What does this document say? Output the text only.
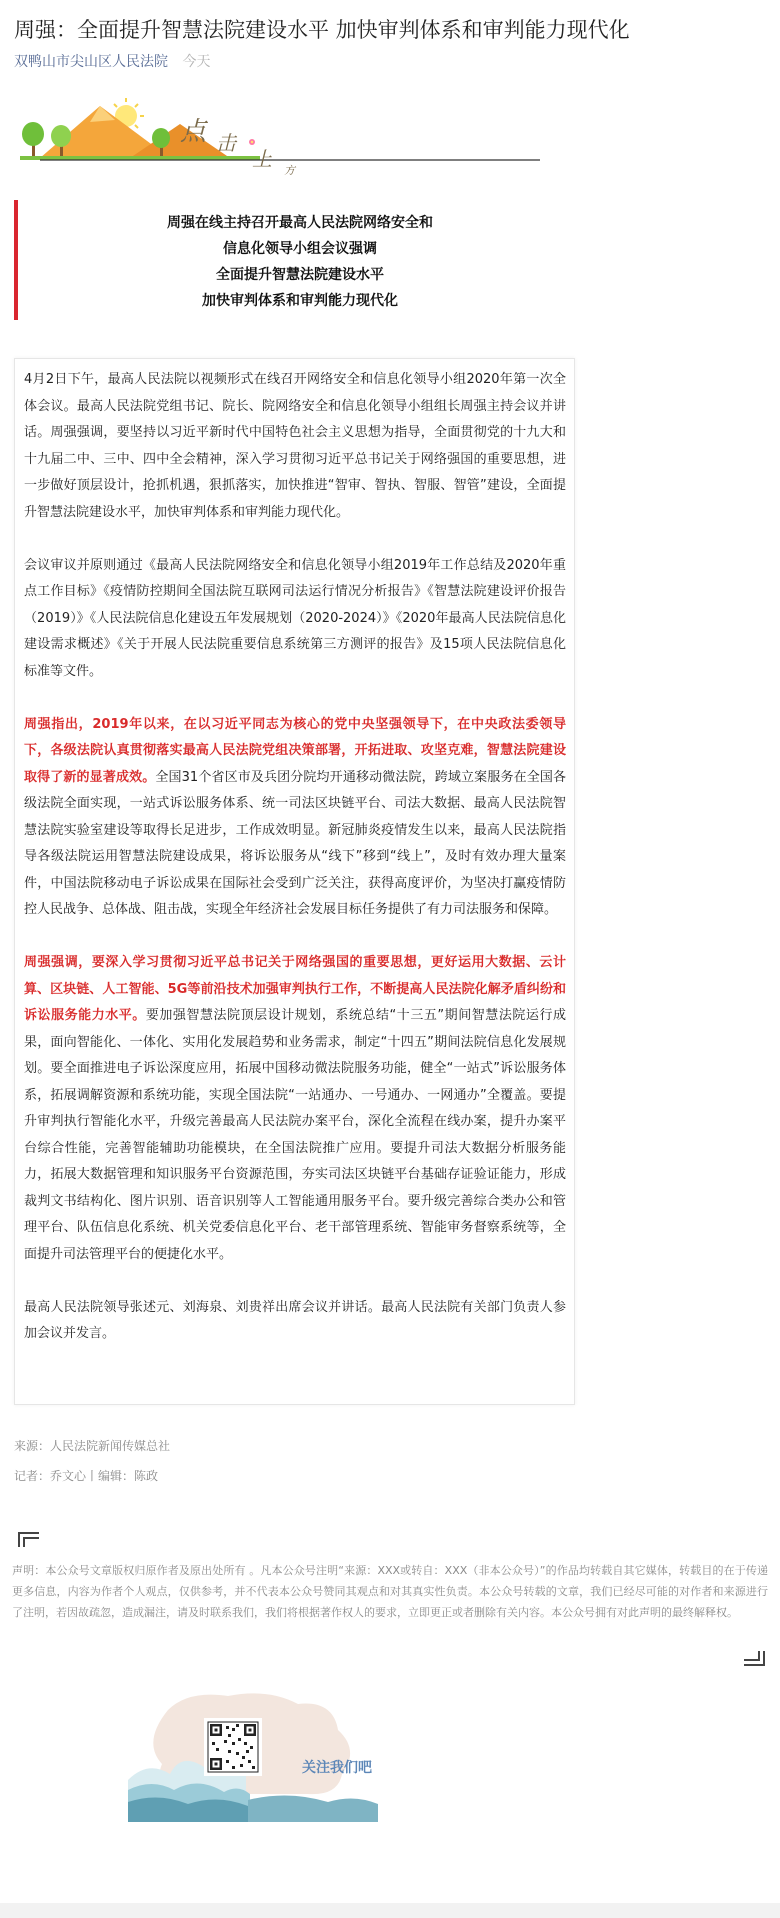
周强：全面提升智慧法院建设水平 加快审判体系和审判能力现代化
双鸭山市尖山区人民法院 今天
点 击
上 方
周强在线主持召开最高人民法院网络安全和
信息化领导小组会议强调
全面提升智慧法院建设水平
加快审判体系和审判能力现代化

4月2日下午，最高人民法院以视频形式在线召开网络安全和信息化领导小组2020年第一次全体会议。最高人民法院党组书记、院长、院网络安全和信息化领导小组组长周强主持会议并讲话。周强强调，要坚持以习近平新时代中国特色社会主义思想为指导，全面贯彻党的十九大和十九届二中、三中、四中全会精神，深入学习贯彻习近平总书记关于网络强国的重要思想，进一步做好顶层设计，抢抓机遇，狠抓落实，加快推进“智审、智执、智服、智管”建设，全面提升智慧法院建设水平，加快审判体系和审判能力现代化。

会议审议并原则通过《最高人民法院网络安全和信息化领导小组2019年工作总结及2020年重点工作目标》《疫情防控期间全国法院互联网司法运行情况分析报告》《智慧法院建设评价报告（2019）》《人民法院信息化建设五年发展规划（2020-2024）》《2020年最高人民法院信息化建设需求概述》《关于开展人民法院重要信息系统第三方测评的报告》及15项人民法院信息化标准等文件。

周强指出，2019年以来，在以习近平同志为核心的党中央坚强领导下，在中央政法委领导下，各级法院认真贯彻落实最高人民法院党组决策部署，开拓进取、攻坚克难，智慧法院建设取得了新的显著成效。全国31个省区市及兵团分院均开通移动微法院，跨域立案服务在全国各级法院全面实现，一站式诉讼服务体系、统一司法区块链平台、司法大数据、最高人民法院智慧法院实验室建设等取得长足进步，工作成效明显。新冠肺炎疫情发生以来，最高人民法院指导各级法院运用智慧法院建设成果，将诉讼服务从“线下”移到“线上”，及时有效办理大量案件，中国法院移动电子诉讼成果在国际社会受到广泛关注，获得高度评价，为坚决打赢疫情防控人民战争、总体战、阻击战，实现全年经济社会发展目标任务提供了有力司法服务和保障。

周强强调，要深入学习贯彻习近平总书记关于网络强国的重要思想，更好运用大数据、云计算、区块链、人工智能、5G等前沿技术加强审判执行工作，不断提高人民法院化解矛盾纠纷和诉讼服务能力水平。要加强智慧法院顶层设计规划，系统总结“十三五”期间智慧法院运行成果，面向智能化、一体化、实用化发展趋势和业务需求，制定“十四五”期间法院信息化发展规划。要全面推进电子诉讼深度应用，拓展中国移动微法院服务功能，健全“一站式”诉讼服务体系，拓展调解资源和系统功能，实现全国法院“一站通办、一号通办、一网通办”全覆盖。要提升审判执行智能化水平，升级完善最高人民法院办案平台，深化全流程在线办案，提升办案平台综合性能，完善智能辅助功能模块，在全国法院推广应用。要提升司法大数据分析服务能力，拓展大数据管理和知识服务平台资源范围，夯实司法区块链平台基础存证验证能力，形成裁判文书结构化、图片识别、语音识别等人工智能通用服务平台。要升级完善综合类办公和管理平台、队伍信息化系统、机关党委信息化平台、老干部管理系统、智能审务督察系统等，全面提升司法管理平台的便捷化水平。

最高人民法院领导张述元、刘海泉、刘贵祥出席会议并讲话。最高人民法院有关部门负责人参加会议并发言。

来源：人民法院新闻传媒总社
记者：乔文心丨编辑：陈政
声明：本公众号文章版权归原作者及原出处所有 。凡本公众号注明“来源：XXX或转自：XXX（非本公众号）”的作品均转载自其它媒体，转载目的在于传递更多信息，内容为作者个人观点，仅供参考，并不代表本公众号赞同其观点和对其真实性负责。本公众号转载的文章，我们已经尽可能的对作者和来源进行了注明，若因故疏忽，造成漏注，请及时联系我们，我们将根据著作权人的要求，立即更正或者删除有关内容。本公众号拥有对此声明的最终解释权。
关注我们吧
